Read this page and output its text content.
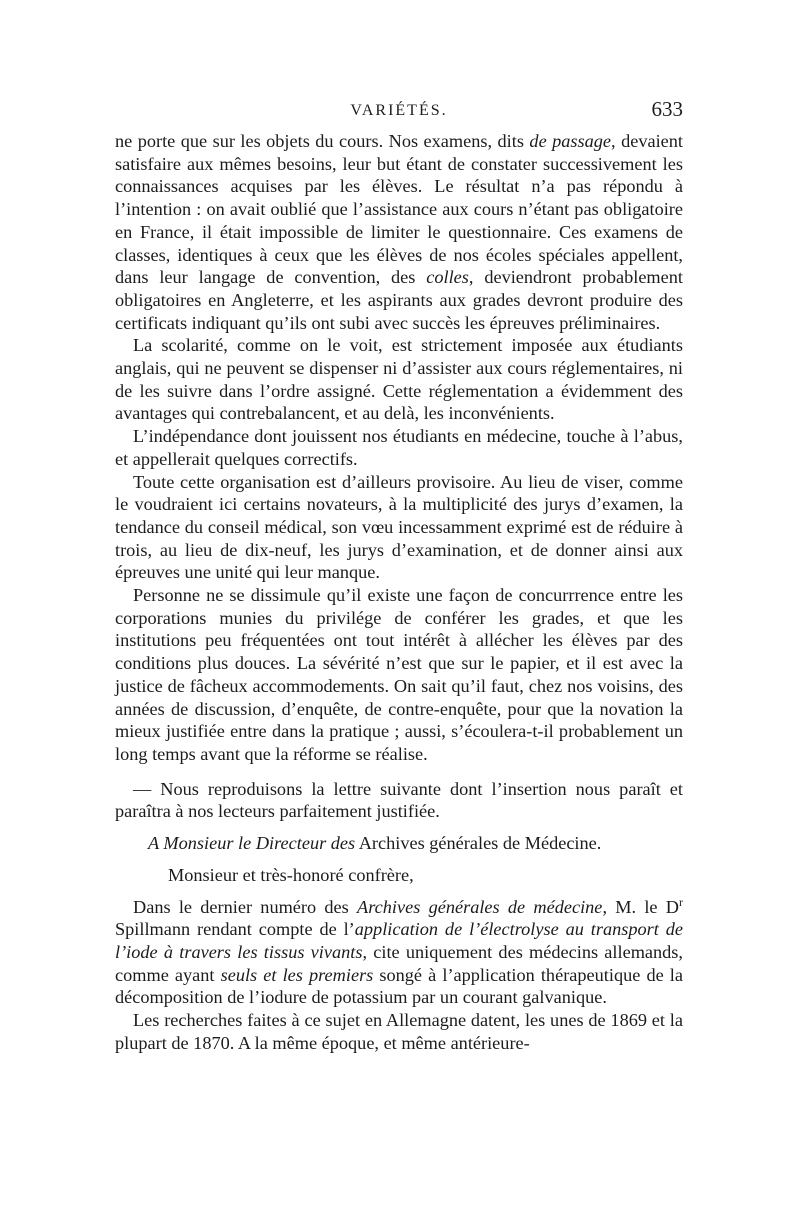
VARIÉTÉS.	633

ne porte que sur les objets du cours. Nos examens, dits de passage, devaient satisfaire aux mêmes besoins, leur but étant de constater successivement les connaissances acquises par les élèves. Le résultat n’a pas répondu à l’intention : on avait oublié que l’assistance aux cours n’étant pas obligatoire en France, il était impossible de limiter le questionnaire. Ces examens de classes, identiques à ceux que les élèves de nos écoles spéciales appellent, dans leur langage de convention, des colles, deviendront probablement obligatoires en Angleterre, et les aspirants aux grades devront produire des certificats indiquant qu’ils ont subi avec succès les épreuves préliminaires.

La scolarité, comme on le voit, est strictement imposée aux étudiants anglais, qui ne peuvent se dispenser ni d’assister aux cours réglementaires, ni de les suivre dans l’ordre assigné. Cette réglementation a évidemment des avantages qui contrebalancent, et au delà, les inconvénients.

L’indépendance dont jouissent nos étudiants en médecine, touche à l’abus, et appellerait quelques correctifs.

Toute cette organisation est d’ailleurs provisoire. Au lieu de viser, comme le voudraient ici certains novateurs, à la multiplicité des jurys d’examen, la tendance du conseil médical, son vœu incessamment exprimé est de réduire à trois, au lieu de dix-neuf, les jurys d’examination, et de donner ainsi aux épreuves une unité qui leur manque.

Personne ne se dissimule qu’il existe une façon de concurrrence entre les corporations munies du privilége de conférer les grades, et que les institutions peu fréquentées ont tout intérêt à allécher les élèves par des conditions plus douces. La sévérité n’est que sur le papier, et il est avec la justice de fâcheux accommodements. On sait qu’il faut, chez nos voisins, des années de discussion, d’enquête, de contre-enquête, pour que la novation la mieux justifiée entre dans la pratique ; aussi, s’écoulera-t-il probablement un long temps avant que la réforme se réalise.

— Nous reproduisons la lettre suivante dont l’insertion nous paraît et paraîtra à nos lecteurs parfaitement justifiée.

A Monsieur le Directeur des Archives générales de Médecine.

Monsieur et très-honoré confrère,

Dans le dernier numéro des Archives générales de médecine, M. le $D^r$ Spillmann rendant compte de l’application de l’électrolyse au transport de l’iode à travers les tissus vivants, cite uniquement des médecins allemands, comme ayant seuls et les premiers songé à l’application thérapeutique de la décomposition de l’iodure de potassium par un courant galvanique.

Les recherches faites à ce sujet en Allemagne datent, les unes de 1869 et la plupart de 1870. A la même époque, et même antérieure-
